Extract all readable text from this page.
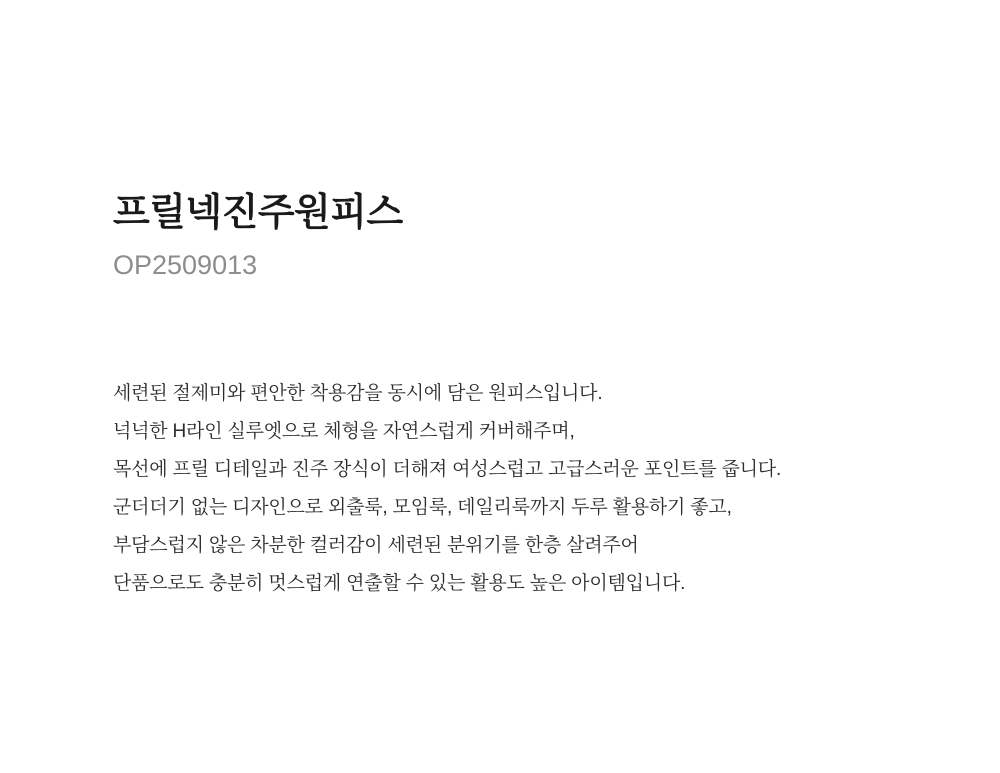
프릴넥진주원피스
OP2509013
세련된 절제미와 편안한 착용감을 동시에 담은 원피스입니다.
넉넉한 H라인 실루엣으로 체형을 자연스럽게 커버해주며,
목선에 프릴 디테일과 진주 장식이 더해져 여성스럽고 고급스러운 포인트를 줍니다.
군더더기 없는 디자인으로 외출룩, 모임룩, 데일리룩까지 두루 활용하기 좋고,
부담스럽지 않은 차분한 컬러감이 세련된 분위기를 한층 살려주어
단품으로도 충분히 멋스럽게 연출할 수 있는 활용도 높은 아이템입니다.
